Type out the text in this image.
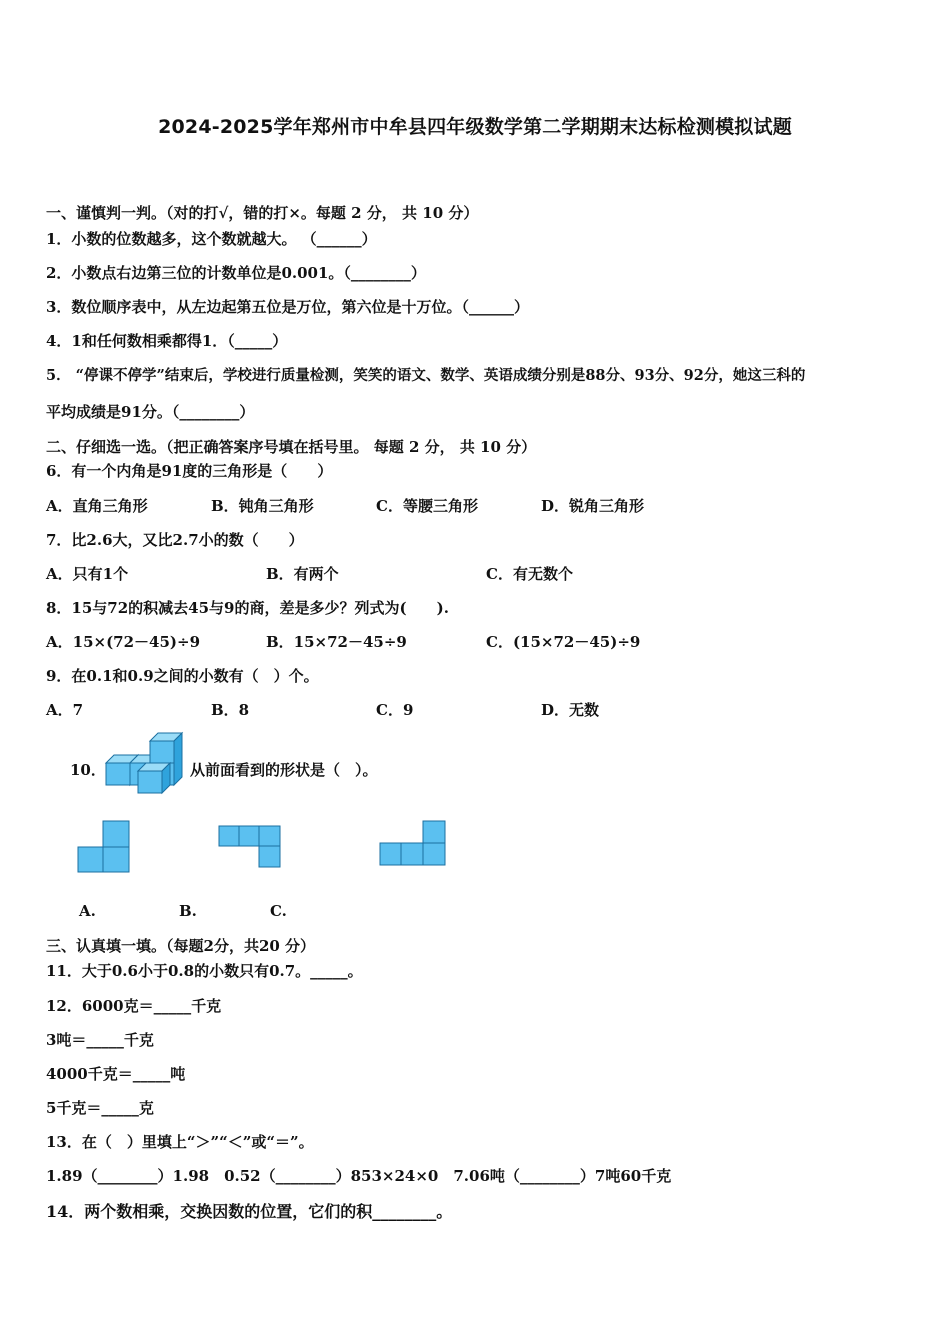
2024-2025学年郑州市中牟县四年级数学第二学期期末达标检测模拟试题
一、谨慎判一判。（对的打√，错的打×。每题 2 分， 共 10 分）
1．小数的位数越多，这个数就越大。 （______）
2．小数点右边第三位的计数单位是0.001。（________）
3．数位顺序表中，从左边起第五位是万位，第六位是十万位。（______）
4．1和任何数相乘都得1．（_____）
5． “停课不停学”结束后，学校进行质量检测，笑笑的语文、数学、英语成绩分别是88分、93分、92分，她这三科的
平均成绩是91分。（________）
二、仔细选一选。（把正确答案序号填在括号里。 每题 2 分， 共 10 分）
6．有一个内角是91度的三角形是（　　）
A．直角三角形	B．钝角三角形	C．等腰三角形	D．锐角三角形
7．比2.6大，又比2.7小的数（　　）
A．只有1个	B．有两个	C．有无数个
8．15与72的积减去45与9的商，差是多少？列式为(　　).
A．15×(72－45)÷9	B．15×72－45÷9	C．(15×72－45)÷9
9．在0.1和0.9之间的小数有（　）个。
A．7	B．8	C．9	D．无数
10．	从前面看到的形状是（　）。
A.	B.	C.
三、认真填一填。（每题2分，共20 分）
11．大于0.6小于0.8的小数只有0.7。_____。
12．6000克＝_____千克
3吨＝_____千克
4000千克＝_____吨
5千克＝_____克
13．在（　）里填上“＞”“＜”或“＝”。
1.89（________）1.98　0.52（________）853×24×0　7.06吨（________）7吨60千克
14．两个数相乘，交换因数的位置，它们的积________。
